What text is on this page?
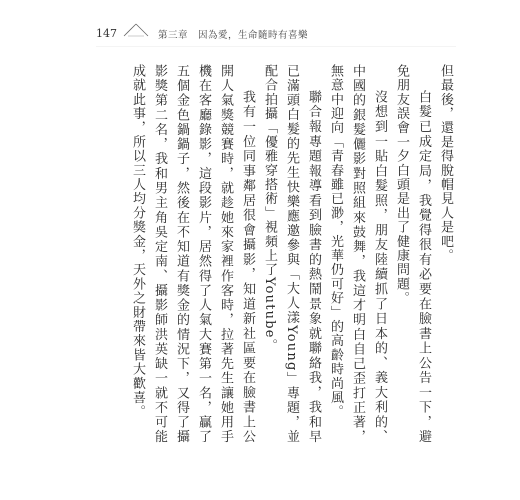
147	第三章　因為愛，生命隨時有喜樂

但最後，還是得脫帽見人是吧。

白髮已成定局，我覺得很有必要在臉書上公告一下，避免朋友誤會一夕白頭是出了健康問題。

沒想到一貼白髮照，朋友陸續抓了日本的、義大利的、中國的銀髮儷影對照組來鼓舞，我這才明白自己歪打正著，無意中迎向「青春雖已渺，光華仍可好」的高齡時尚風。

聯合報專題報導看到臉書的熱鬧景象就聯絡我，我和早已滿頭白髮的先生快樂應邀參與「大人漾Young」專題，並配合拍攝「優雅穿搭術」視頻上了Youtube。

我有一位同事鄰居很會攝影，知道新社區要在臉書上公開人氣獎競賽時，就趁她來家裡作客時，拉著先生讓她用手機在客廳錄影，這段影片，居然得了人氣大賽第一名，贏了五個金色鍋鍋子，然後在不知道有獎金的情況下，又得了攝影獎第二名，我和男主角吳定南、攝影師洪英缺一就不可能成就此事，所以三人均分獎金，天外之財帶來皆大歡喜。
